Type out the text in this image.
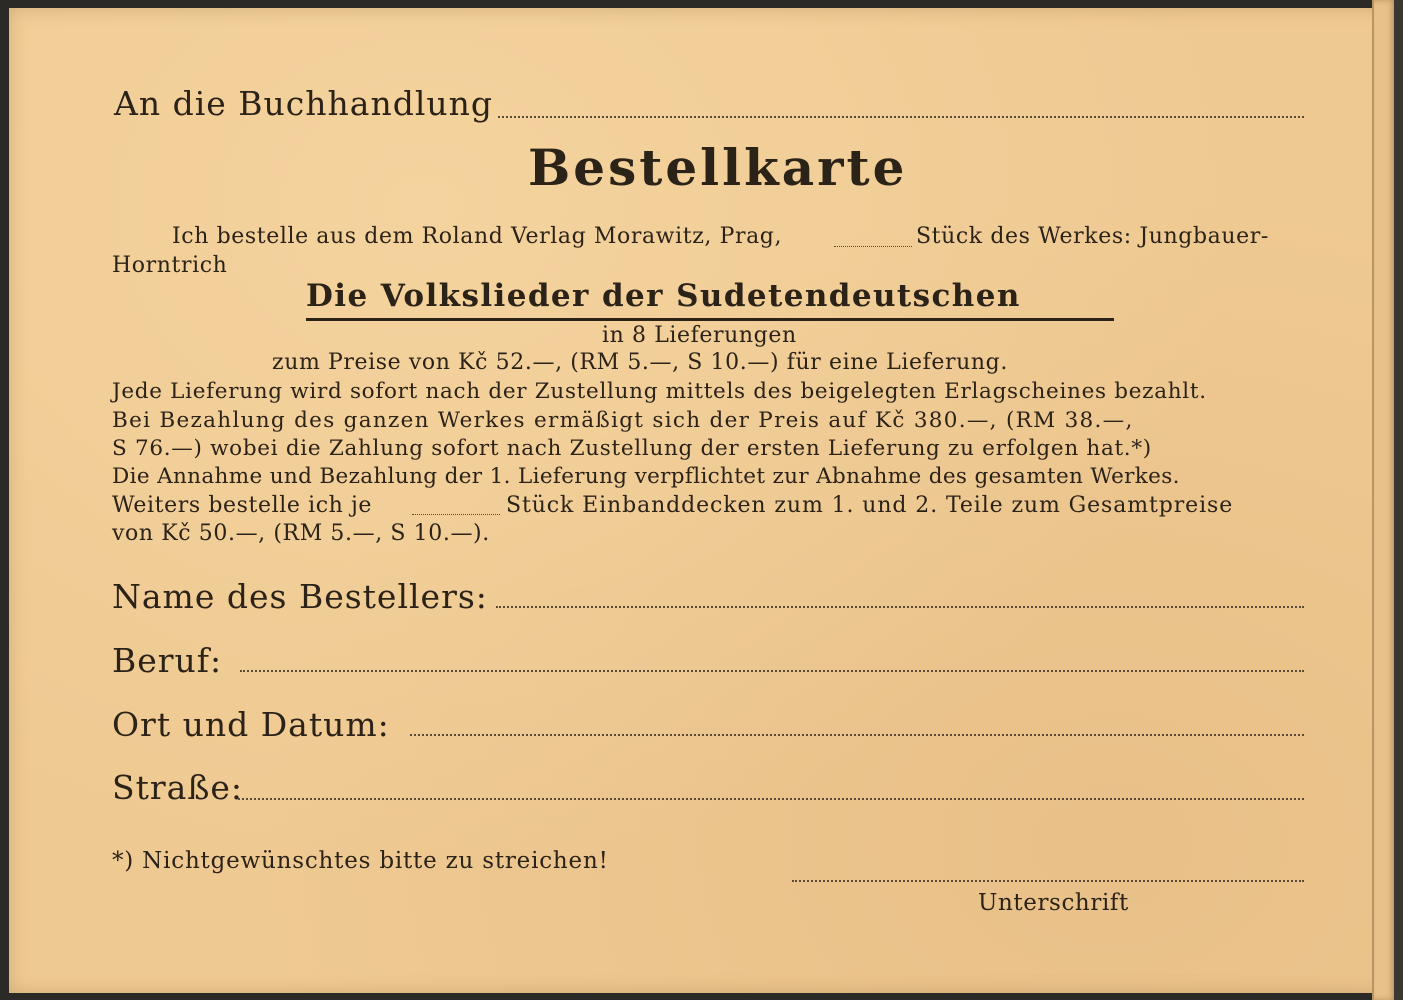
An die Buchhandlung
Bestellkarte
Ich bestelle aus dem Roland Verlag Morawitz, Prag,	Stück des Werkes: Jungbauer-
Horntrich
Die Volkslieder der Sudetendeutschen
in 8 Lieferungen
zum Preise von Kč 52.—, (RM 5.—, S 10.—) für eine Lieferung.
Jede Lieferung wird sofort nach der Zustellung mittels des beigelegten Erlagscheines bezahlt.
Bei Bezahlung des ganzen Werkes ermäßigt sich der Preis auf Kč 380.—, (RM 38.—,
S 76.—) wobei die Zahlung sofort nach Zustellung der ersten Lieferung zu erfolgen hat.*)
Die Annahme und Bezahlung der 1. Lieferung verpflichtet zur Abnahme des gesamten Werkes.
Weiters bestelle ich je	Stück Einbanddecken zum 1. und 2. Teile zum Gesamtpreise
von Kč 50.—, (RM 5.—, S 10.—).
Name des Bestellers:
Beruf:
Ort und Datum:
Straße:
*) Nichtgewünschtes bitte zu streichen!
Unterschrift
